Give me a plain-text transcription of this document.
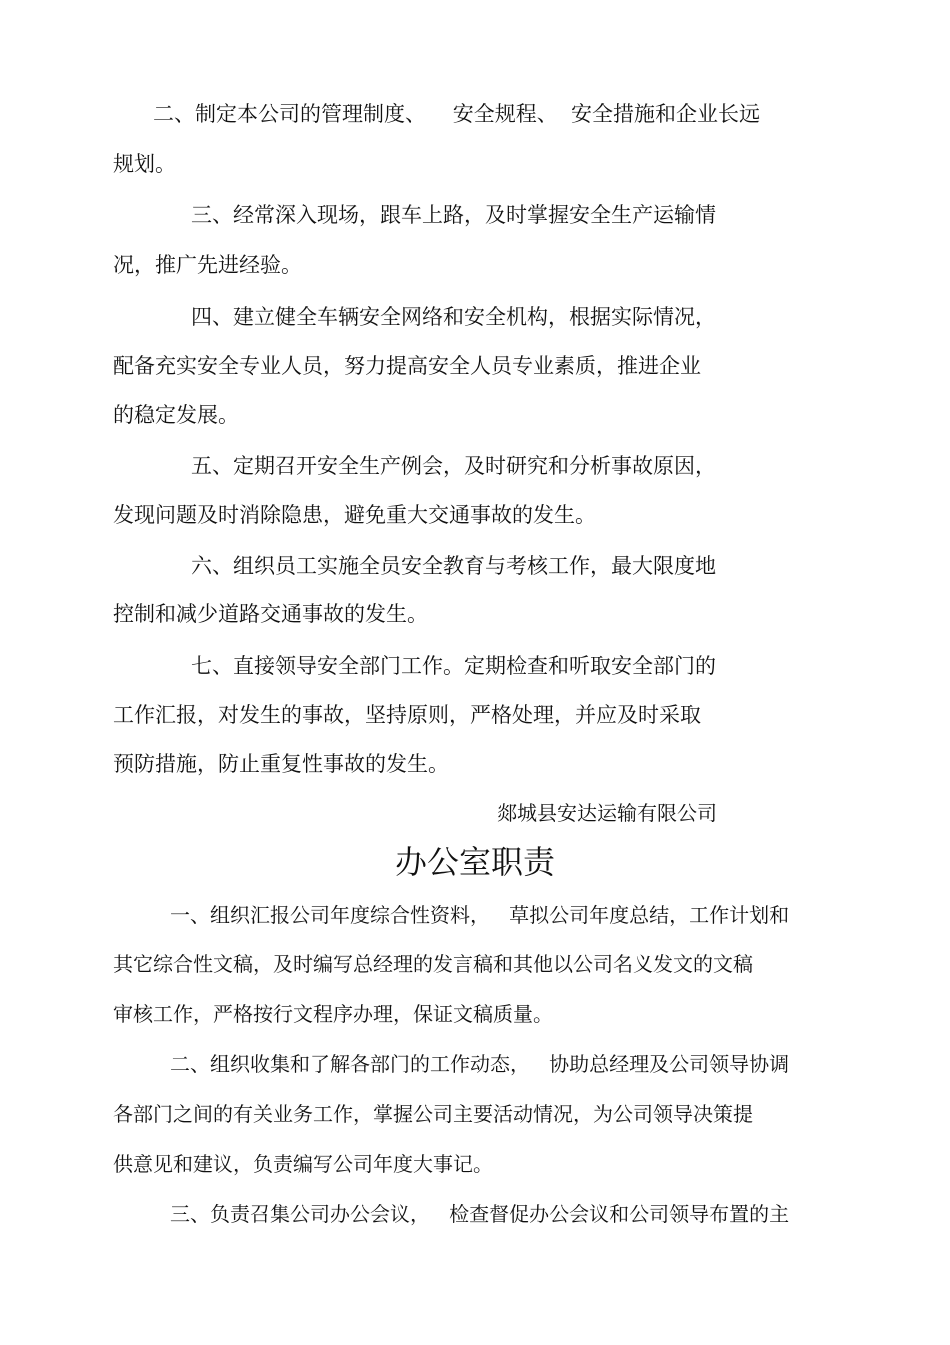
二、制定本公司的管理制度、    安全规程、  安全措施和企业长远
规划。
三、经常深入现场，跟车上路，及时掌握安全生产运输情
况，推广先进经验。
四、建立健全车辆安全网络和安全机构，根据实际情况，
配备充实安全专业人员，努力提高安全人员专业素质，推进企业
的稳定发展。
五、定期召开安全生产例会，及时研究和分析事故原因，
发现问题及时消除隐患，避免重大交通事故的发生。
六、组织员工实施全员安全教育与考核工作，最大限度地
控制和减少道路交通事故的发生。
七、直接领导安全部门工作。定期检查和听取安全部门的
工作汇报，对发生的事故，坚持原则，严格处理，并应及时采取
预防措施，防止重复性事故的发生。
郯城县安达运输有限公司
办公室职责
一、组织汇报公司年度综合性资料，   草拟公司年度总结，工作计划和
其它综合性文稿，及时编写总经理的发言稿和其他以公司名义发文的文稿
审核工作，严格按行文程序办理，保证文稿质量。
二、组织收集和了解各部门的工作动态，   协助总经理及公司领导协调
各部门之间的有关业务工作，掌握公司主要活动情况，为公司领导决策提
供意见和建议，负责编写公司年度大事记。
三、负责召集公司办公会议，   检查督促办公会议和公司领导布置的主
